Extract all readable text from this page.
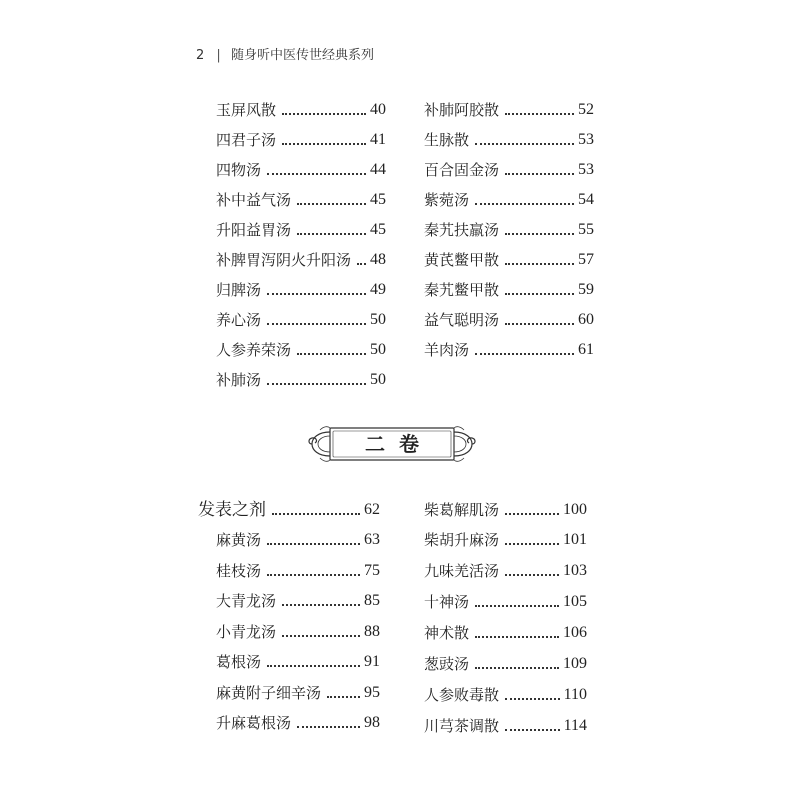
2 | 随身听中医传世经典系列
玉屏风散	40
四君子汤	41
四物汤	44
补中益气汤	45
升阳益胃汤	45
补脾胃泻阴火升阳汤 48
归脾汤	49
养心汤	50
人参养荣汤	50
补肺汤	50
补肺阿胶散	52
生脉散	53
百合固金汤	53
紫菀汤	54
秦艽扶羸汤	55
黄芪鳖甲散	57
秦艽鳖甲散	59
益气聪明汤	60
羊肉汤	61
二卷
发表之剂	62
麻黄汤	63
桂枝汤	75
大青龙汤	85
小青龙汤	88
葛根汤	91
麻黄附子细辛汤	95
升麻葛根汤	98
柴葛解肌汤	100
柴胡升麻汤	101
九味羌活汤	103
十神汤	105
神术散	106
葱豉汤	109
人参败毒散	110
川芎茶调散	114
